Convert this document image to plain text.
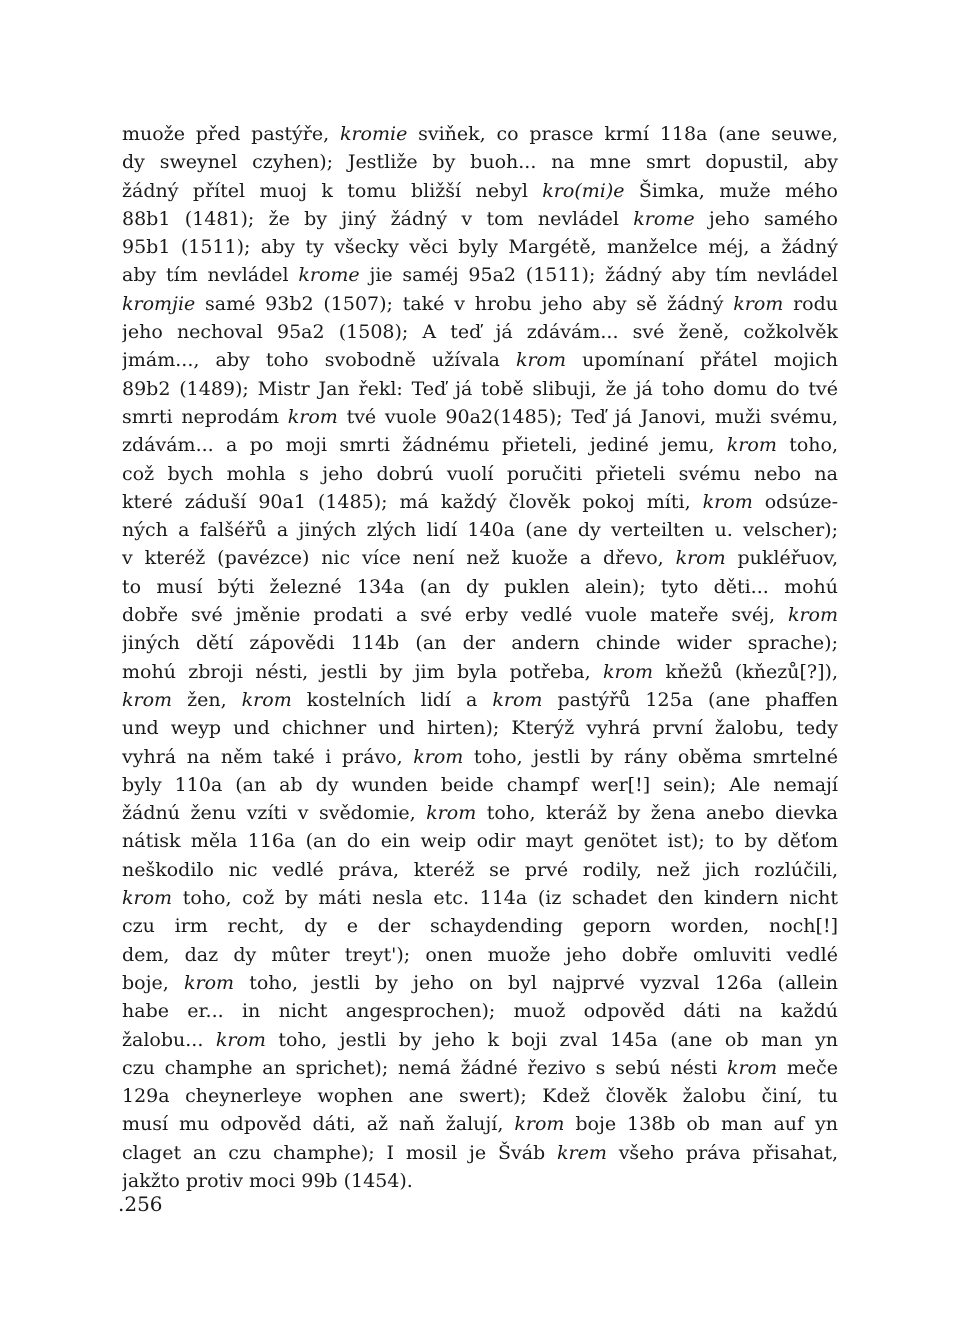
muože před pastýře, kromie sviňek, co prasce krmí 118a (ane seuwe,
dy sweynel czyhen); Jestliže by buoh... na mne smrt dopustil, aby
žádný přítel muoj k tomu bližší nebyl kro(mi)e Šimka, muže mého
88b1 (1481); že by jiný žádný v tom nevládel krome jeho samého
95b1 (1511); aby ty všecky věci byly Margétě, manželce méj, a žádný
aby tím nevládel krome jie saméj 95a2 (1511); žádný aby tím nevládel
kromjie samé 93b2 (1507); také v hrobu jeho aby sě žádný krom rodu
jeho nechoval 95a2 (1508); A teď já zdávám... své ženě, cožkolvěk
jmám..., aby toho svobodně užívala krom upomínaní přátel mojich
89b2 (1489); Mistr Jan řekl: Teď já tobě slibuji, že já toho domu do tvé
smrti neprodám krom tvé vuole 90a2(1485); Teď já Janovi, muži svému,
zdávám... a po moji smrti žádnému přieteli, jediné jemu, krom toho,
což bych mohla s jeho dobrú vuolí poručiti přieteli svému nebo na
které záduší 90a1 (1485); má každý člověk pokoj míti, krom odsúze-
ných a falšéřů a jiných zlých lidí 140a (ane dy verteilten u. velscher);
v kteréž (pavézce) nic více není než kuože a dřevo, krom pukléřuov,
to musí býti železné 134a (an dy puklen alein); tyto děti... mohú
dobře své jměnie prodati a své erby vedlé vuole mateře svéj, krom
jiných dětí zápovědi 114b (an der andern chinde wider sprache);
mohú zbroji nésti, jestli by jim byla potřeba, krom kňežů (kňezů[?]),
krom žen, krom kostelních lidí a krom pastýřů 125a (ane phaffen
und weyp und chichner und hirten); Kterýž vyhrá první žalobu, tedy
vyhrá na něm také i právo, krom toho, jestli by rány oběma smrtelné
byly 110a (an ab dy wunden beide champf wer[!] sein); Ale nemají
žádnú ženu vzíti v svědomie, krom toho, kteráž by žena anebo dievka
nátisk měla 116a (an do ein weip odir mayt genötet ist); to by děťom
neškodilo nic vedlé práva, kteréž se prvé rodily, než jich rozlúčili,
krom toho, což by máti nesla etc. 114a (iz schadet den kindern nicht
czu irm recht, dy e der schaydending geporn worden, noch[!]
dem, daz dy mûter treyt'); onen muože jeho dobře omluviti vedlé
boje, krom toho, jestli by jeho on byl najprvé vyzval 126a (allein
habe er... in nicht angesprochen); muož odpověd dáti na každú
žalobu... krom toho, jestli by jeho k boji zval 145a (ane ob man yn
czu champhe an sprichet); nemá žádné řezivo s sebú nésti krom meče
129a cheynerleye wophen ane swert); Kdež člověk žalobu činí, tu
musí mu odpověd dáti, až naň žalují, krom boje 138b ob man auf yn
claget an czu champhe); I mosil je Šváb krem všeho práva přisahat,
jakžto protiv moci 99b (1454).
.256
